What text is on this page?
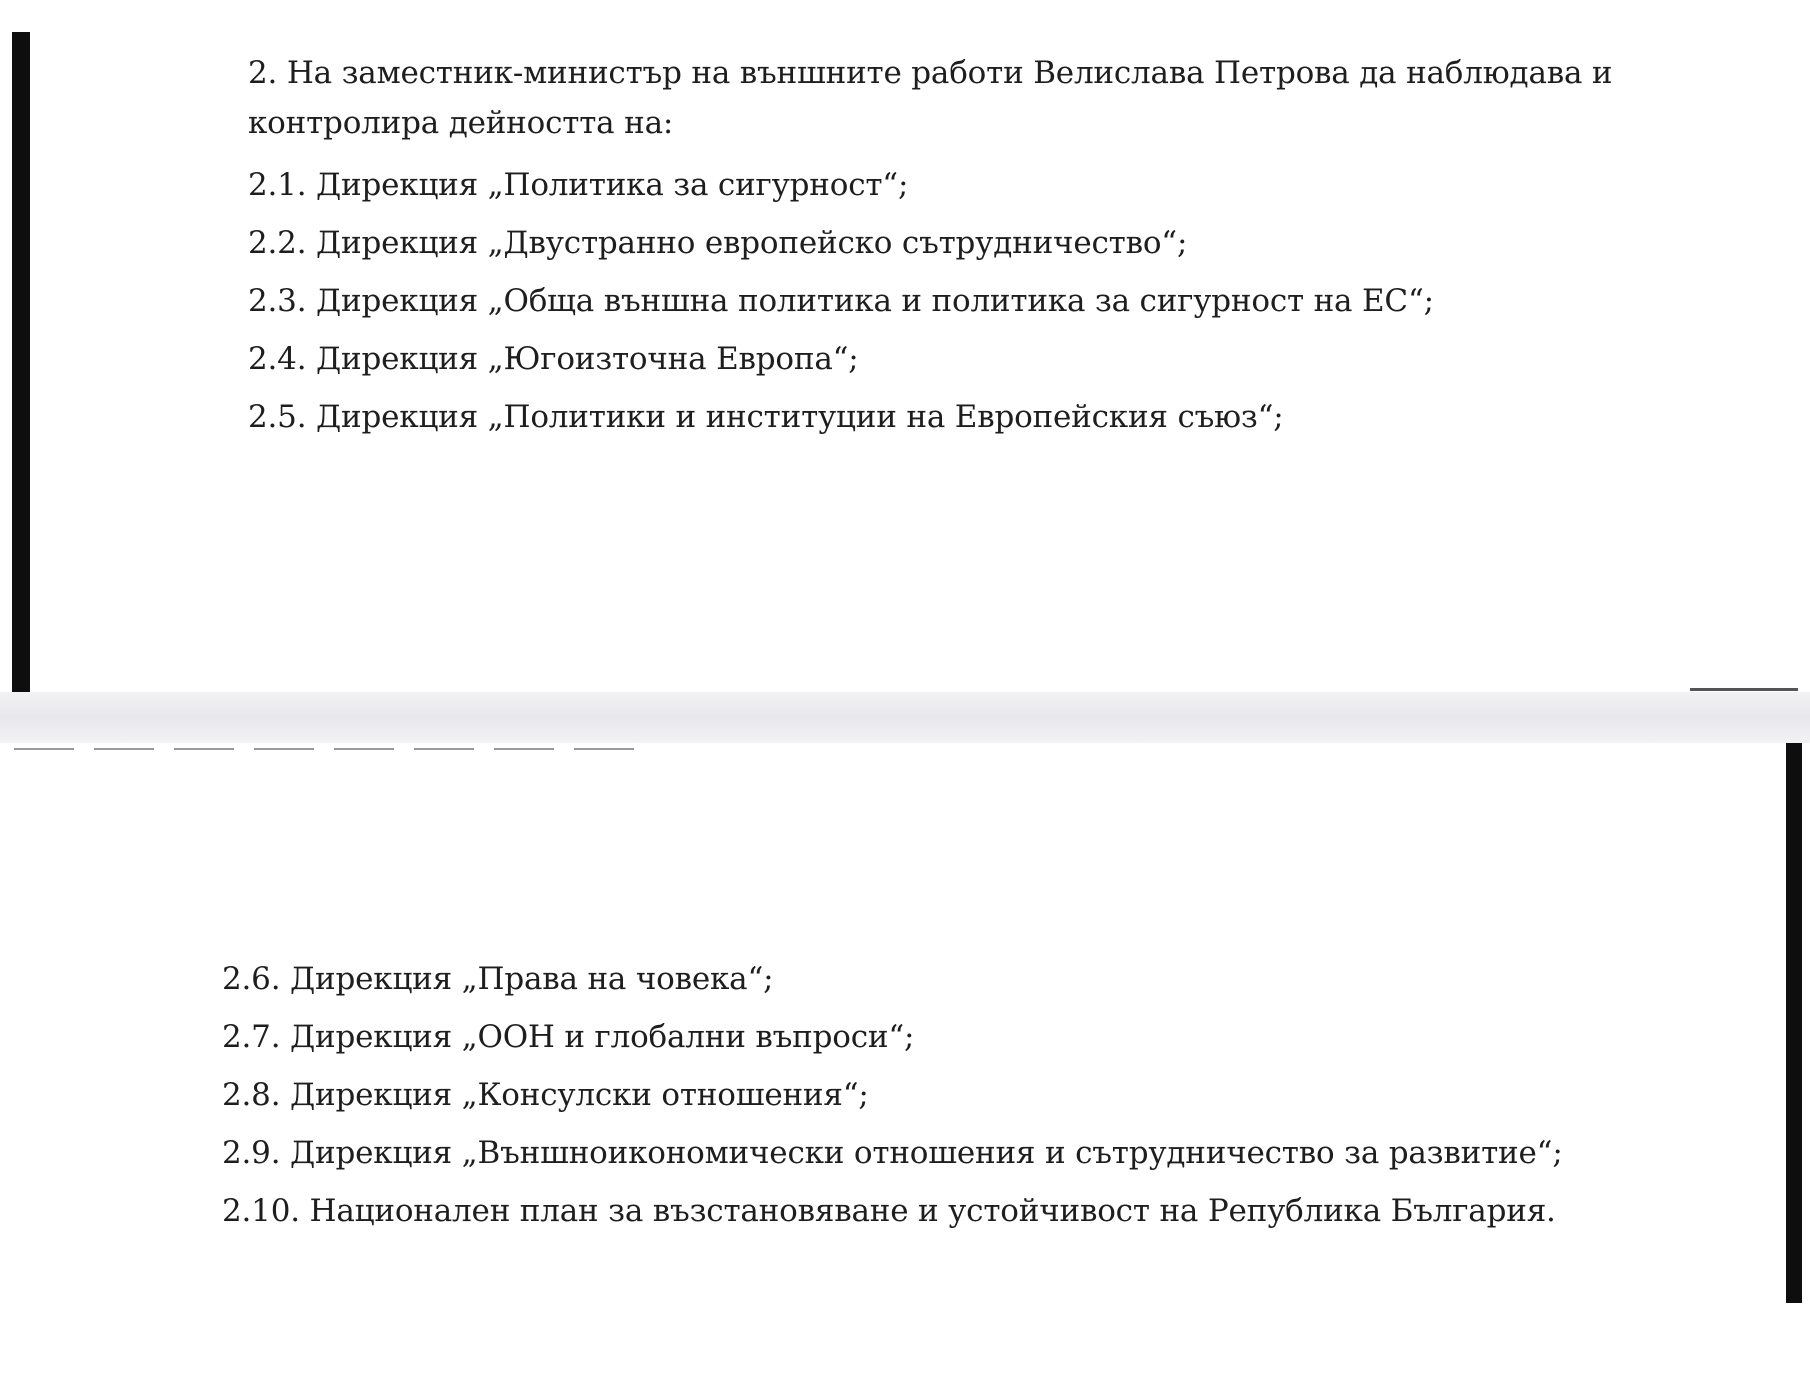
2. На заместник-министър на външните работи Велислава Петрова да наблюдава и контролира дейността на:
2.1. Дирекция „Политика за сигурност“;
2.2. Дирекция „Двустранно европейско сътрудничество“;
2.3. Дирекция „Обща външна политика и политика за сигурност на ЕС“;
2.4. Дирекция „Югоизточна Европа“;
2.5. Дирекция „Политики и институции на Европейския съюз“;
2.6. Дирекция „Права на човека“;
2.7. Дирекция „ООН и глобални въпроси“;
2.8. Дирекция „Консулски отношения“;
2.9. Дирекция „Външноикономически отношения и сътрудничество за развитие“;
2.10. Национален план за възстановяване и устойчивост на Република България.
